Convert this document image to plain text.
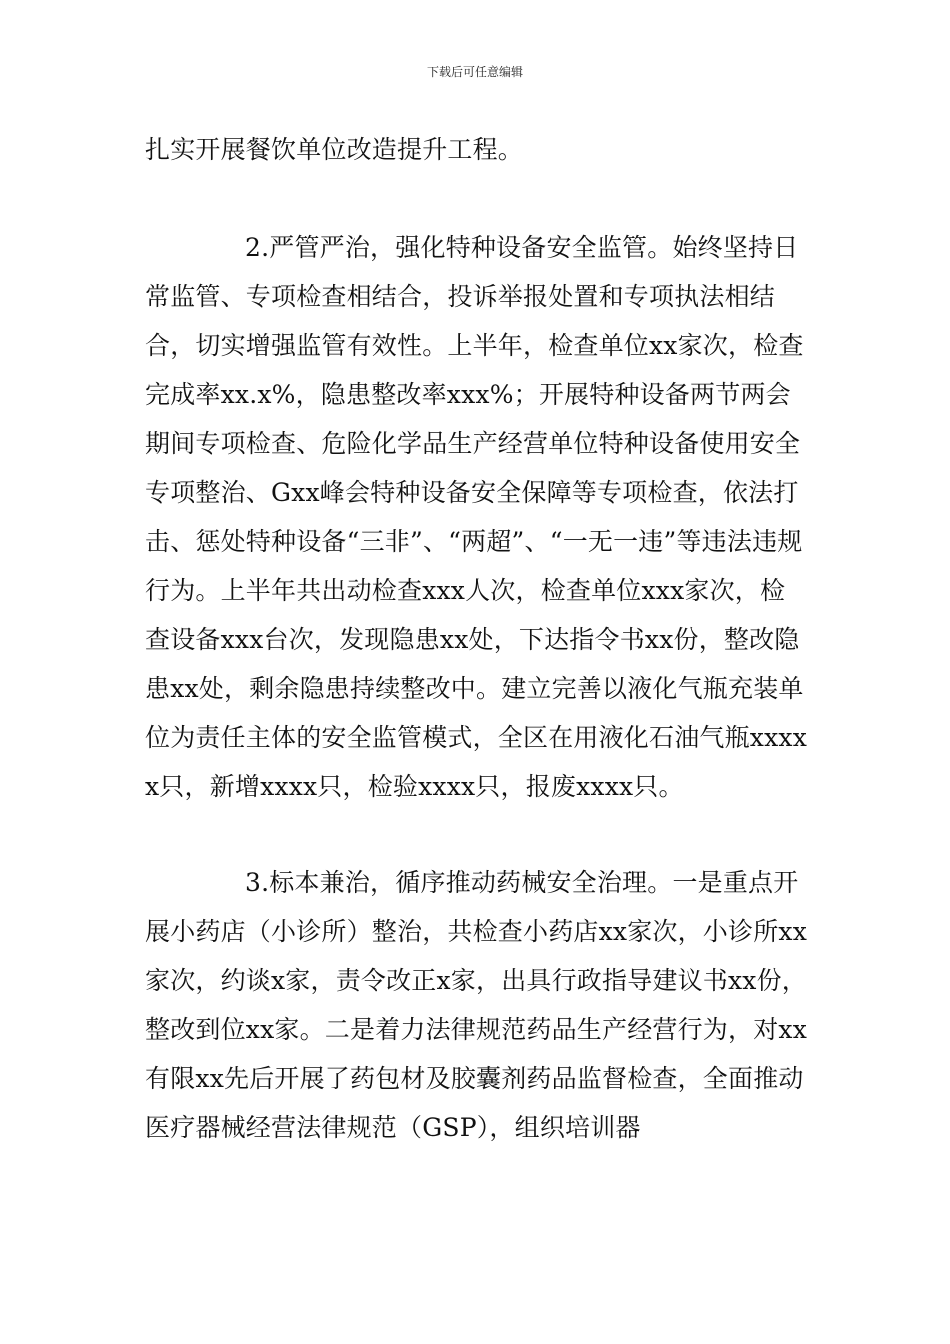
下载后可任意编辑

扎实开展餐饮单位改造提升工程。

2.严管严治，强化特种设备安全监管。始终坚持日常监管、专项检查相结合，投诉举报处置和专项执法相结合，切实增强监管有效性。上半年，检查单位xx家次，检查完成率xx.x%，隐患整改率xxx%；开展特种设备两节两会期间专项检查、危险化学品生产经营单位特种设备使用安全专项整治、Gxx峰会特种设备安全保障等专项检查，依法打击、惩处特种设备“三非”、“两超”、“一无一违”等违法违规行为。上半年共出动检查xxx人次，检查单位xxx家次，检查设备xxx台次，发现隐患xx处，下达指令书xx份，整改隐患xx处，剩余隐患持续整改中。建立完善以液化气瓶充装单位为责任主体的安全监管模式，全区在用液化石油气瓶xxxxx只，新增xxxx只，检验xxxx只，报废xxxx只。

3.标本兼治，循序推动药械安全治理。一是重点开展小药店（小诊所）整治，共检查小药店xx家次，小诊所xx家次，约谈x家，责令改正x家，出具行政指导建议书xx份，整改到位xx家。二是着力法律规范药品生产经营行为，对xx有限xx先后开展了药包材及胶囊剂药品监督检查，全面推动医疗器械经营法律规范（GSP），组织培训器
